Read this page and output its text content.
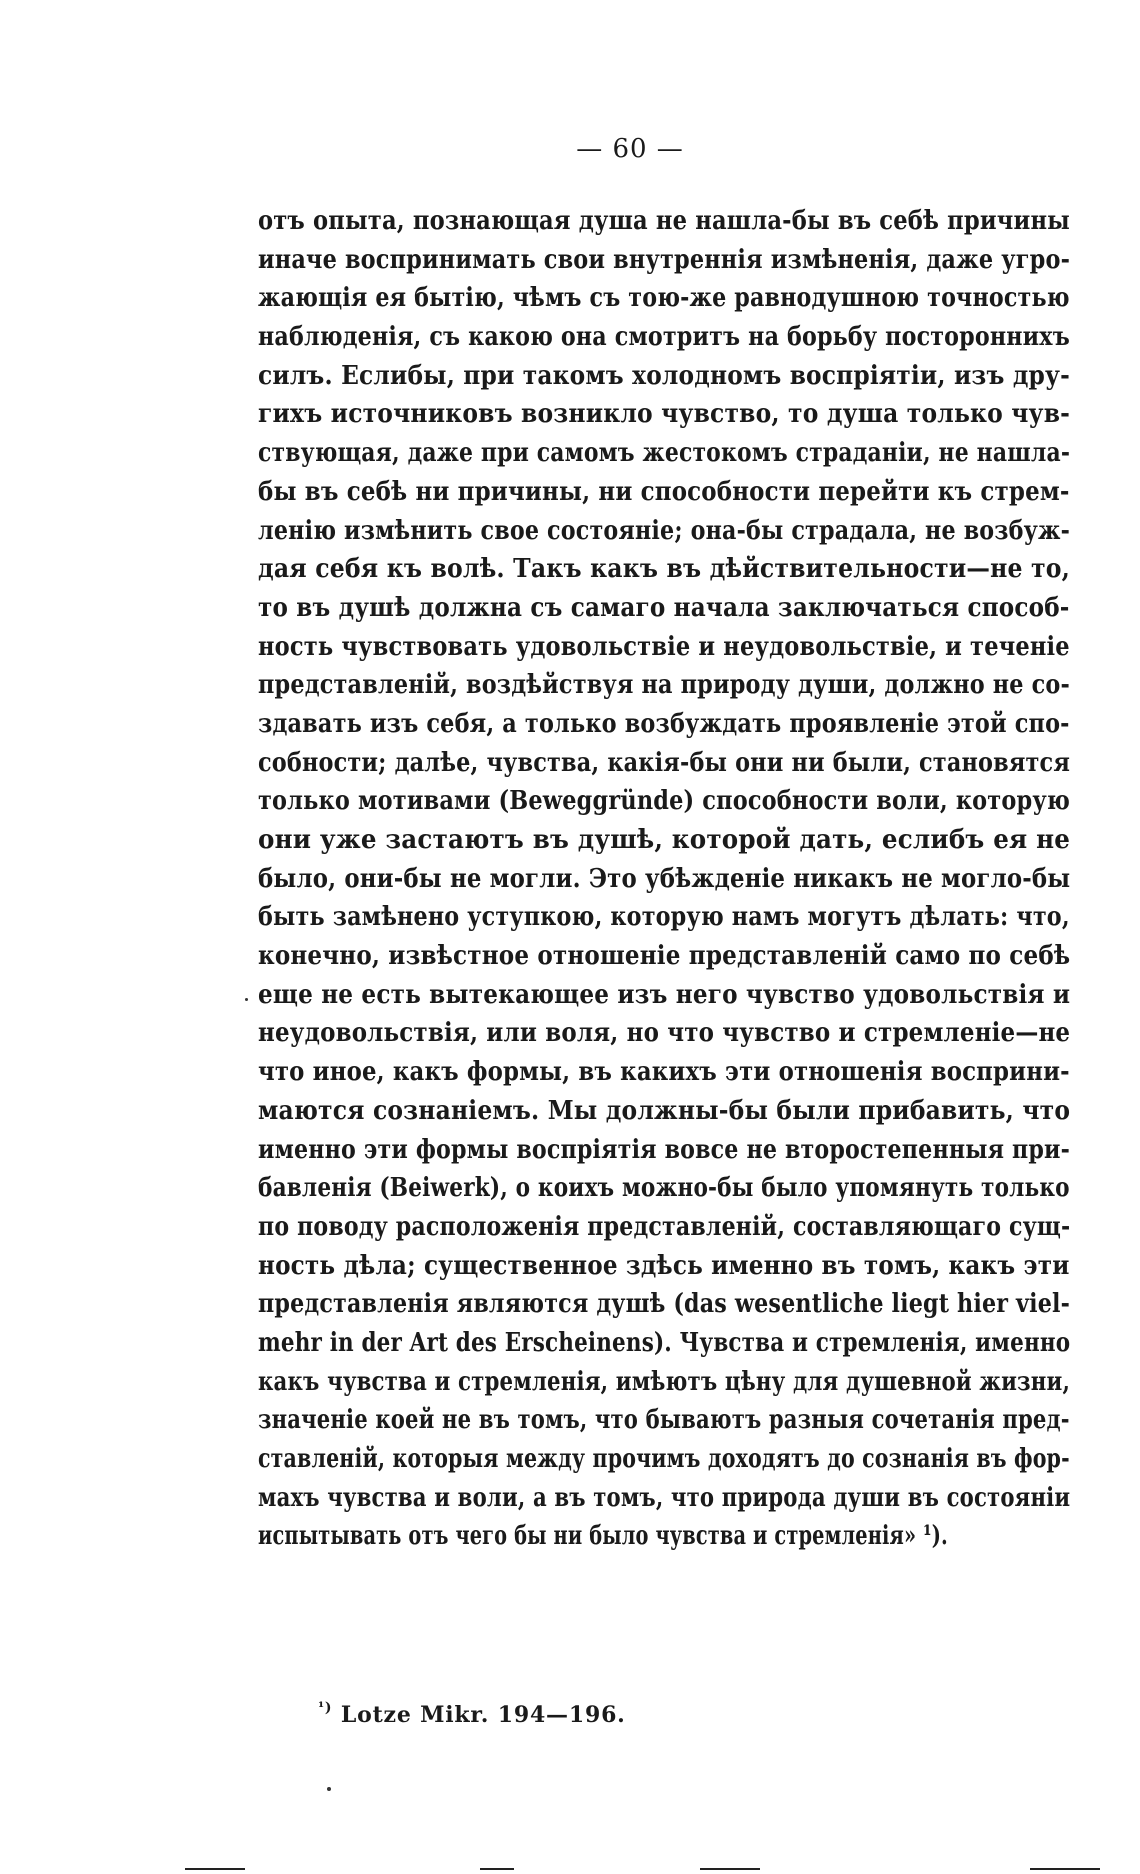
— 60 —
отъ опыта, познающая душа не нашла-бы въ себѣ причины
иначе воспринимать свои внутреннія измѣненія, даже угро-
жающія ея бытію, чѣмъ съ тою-же равнодушною точностью
наблюденія, съ какою она смотритъ на борьбу постороннихъ
силъ. Еслибы, при такомъ холодномъ воспріятіи, изъ дру-
гихъ источниковъ возникло чувство, то душа только чув-
ствующая, даже при самомъ жестокомъ страданіи, не нашла-
бы въ себѣ ни причины, ни способности перейти къ стрем-
ленію измѣнить свое состояніе; она-бы страдала, не возбуж-
дая себя къ волѣ. Такъ какъ въ дѣйствительности—не то,
то въ душѣ должна съ самаго начала заключаться способ-
ность чувствовать удовольствіе и неудовольствіе, и теченіе
представленій, воздѣйствуя на природу души, должно не со-
здавать изъ себя, а только возбуждать проявленіе этой спо-
собности; далѣе, чувства, какія-бы они ни были, становятся
только мотивами (Beweggründe) способности воли, которую
они уже застаютъ въ душѣ, которой дать, еслибъ ея не
было, они-бы не могли. Это убѣжденіе никакъ не могло-бы
быть замѣнено уступкою, которую намъ могутъ дѣлать: что,
конечно, извѣстное отношеніе представленій само по себѣ
еще не есть вытекающее изъ него чувство удовольствія и
неудовольствія, или воля, но что чувство и стремленіе—не
что иное, какъ формы, въ какихъ эти отношенія восприни-
маются сознаніемъ. Мы должны-бы были прибавить, что
именно эти формы воспріятія вовсе не второстепенныя при-
бавленія (Beiwerk), о коихъ можно-бы было упомянуть только
по поводу расположенія представленій, составляющаго сущ-
ность дѣла; существенное здѣсь именно въ томъ, какъ эти
представленія являются душѣ (das wesentliche liegt hier viel-
mehr in der Art des Erscheinens). Чувства и стремленія, именно
какъ чувства и стремленія, имѣютъ цѣну для душевной жизни,
значеніе коей не въ томъ, что бываютъ разныя сочетанія пред-
ставленій, которыя между прочимъ доходятъ до сознанія въ фор-
махъ чувства и воли, а въ томъ, что природа души въ состояніи
испытывать отъ чего бы ни было чувства и стремленія» ¹).
$^{^1)}$ Lotze Mikr. 194—196.
